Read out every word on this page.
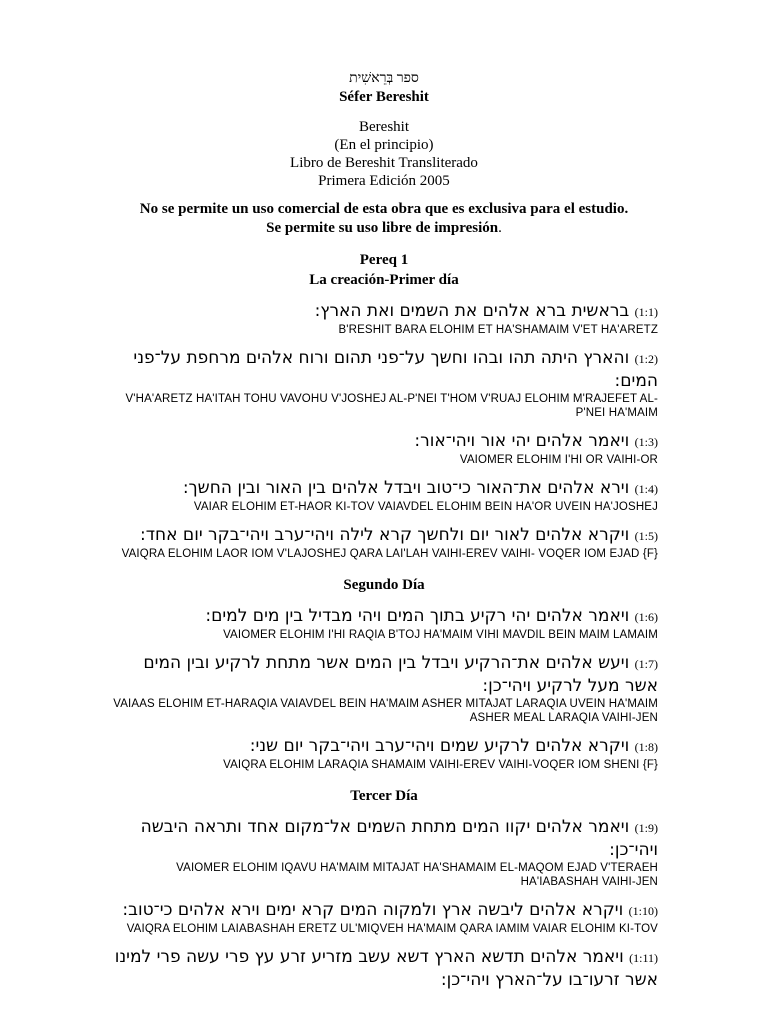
ספר בְּרֵאשִׁית
Séfer Bereshit
Bereshit
(En el principio)
Libro de Bereshit Transliterado
Primera Edición 2005
No se permite un uso comercial de esta obra que es exclusiva para el estudio.
Se permite su uso libre de impresión.
Pereq 1
La creación-Primer día
(1:1) בראשית ברא אלהים את השמים ואת הארץ:
B'RESHIT BARA ELOHIM ET HA'SHAMAIM V'ET HA'ARETZ
(1:2) והארץ היתה תהו ובהו וחשך על־פני תהום ורוח אלהים מרחפת על־פני המים:
V'HA'ARETZ HA'ITAH TOHU VAVOHU V'JOSHEJ AL-P'NEI T'HOM V'RUAJ ELOHIM M'RAJEFET AL-P'NEI HA'MAIM
(1:3) ויאמר אלהים יהי אור ויהי־אור:
VAIOMER ELOHIM I'HI OR VAIHI-OR
(1:4) וירא אלהים את־האור כי־טוב ויבדל אלהים בין האור ובין החשך:
VAIAR ELOHIM ET-HAOR KI-TOV VAIAVDEL ELOHIM BEIN HA'OR UVEIN HA'JOSHEJ
(1:5) ויקרא אלהים לאור יום ולחשך קרא לילה ויהי־ערב ויהי־בקר יום אחד:
VAIQRA ELOHIM LAOR IOM V'LAJOSHEJ QARA LAI'LAH VAIHI-EREV VAIHI- VOQER IOM EJAD {F}
Segundo Día
(1:6) ויאמר אלהים יהי רקיע בתוך המים ויהי מבדיל בין מים למים:
VAIOMER ELOHIM I'HI RAQIA B'TOJ HA'MAIM VIHI MAVDIL BEIN MAIM LAMAIM
(1:7) ויעש אלהים את־הרקיע ויבדל בין המים אשר מתחת לרקיע ובין המים אשר מעל לרקיע ויהי־כן:
VAIAAS ELOHIM ET-HARAQIA VAIAVDEL BEIN HA'MAIM ASHER MITAJAT LARAQIA UVEIN HA'MAIM ASHER MEAL LARAQIA VAIHI-JEN
(1:8) ויקרא אלהים לרקיע שמים ויהי־ערב ויהי־בקר יום שני:
VAIQRA ELOHIM LARAQIA SHAMAIM VAIHI-EREV VAIHI-VOQER IOM SHENI {F}
Tercer Día
(1:9) ויאמר אלהים יקוו המים מתחת השמים אל־מקום אחד ותראה היבשה ויהי־כן:
VAIOMER ELOHIM IQAVU HA'MAIM MITAJAT HA'SHAMAIM EL-MAQOM EJAD V'TERAEH HA'IABASHAH VAIHI-JEN
(1:10) ויקרא אלהים ליבשה ארץ ולמקוה המים קרא ימים וירא אלהים כי־טוב:
VAIQRA ELOHIM LAIABASHAH ERETZ UL'MIQVEH HA'MAIM QARA IAMIM VAIAR ELOHIM KI-TOV
(1:11) ויאמר אלהים תדשא הארץ דשא עשב מזריע זרע עץ פרי עשה פרי למינו אשר זרעו־בו על־הארץ ויהי־כן:
